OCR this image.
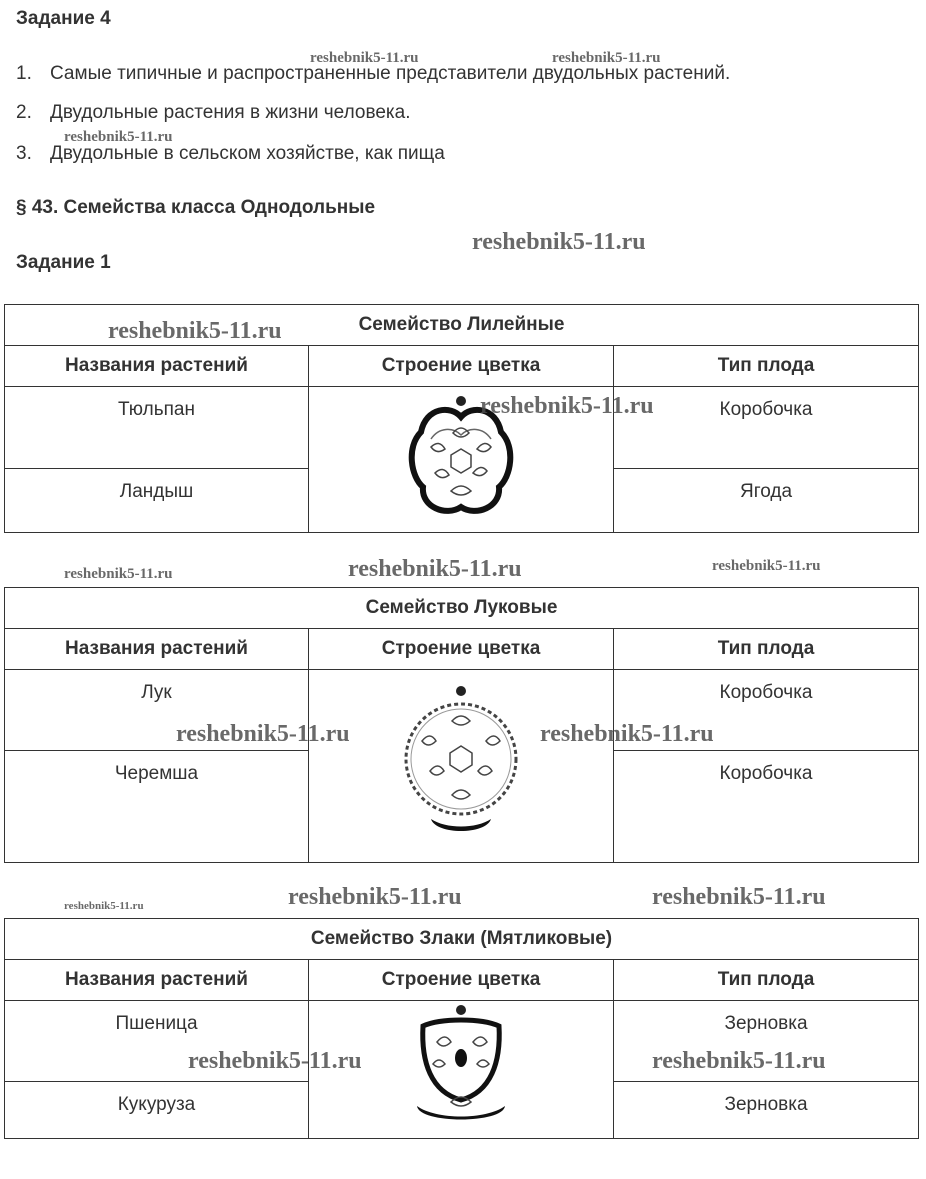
Задание 4
1. Самые типичные и распространенные представители двудольных растений.
2. Двудольные растения в жизни человека.
3. Двудольные в сельском хозяйстве, как пища
§ 43. Семейства класса Однодольные
Задание 1
Семейство Лилейные		
Названия растений	Строение цветка	Тип плода
Тюльпан		Коробочка
Ландыш		Ягода
Семейство Луковые		
Названия растений	Строение цветка	Тип плода
Лук		Коробочка
Черемша		Коробочка
Семейство Злаки (Мятликовые)		
Названия растений	Строение цветка	Тип плода
Пшеница		Зерновка
Кукуруза		Зерновка
reshebnik5-11.ru	reshebnik5-11.ru
reshebnik5-11.ru
reshebnik5-11.ru
reshebnik5-11.ru
reshebnik5-11.ru
reshebnik5-11.ru	reshebnik5-11.ru	reshebnik5-11.ru
reshebnik5-11.ru	reshebnik5-11.ru
reshebnik5-11.ru	reshebnik5-11.ru	reshebnik5-11.ru
reshebnik5-11.ru	reshebnik5-11.ru
